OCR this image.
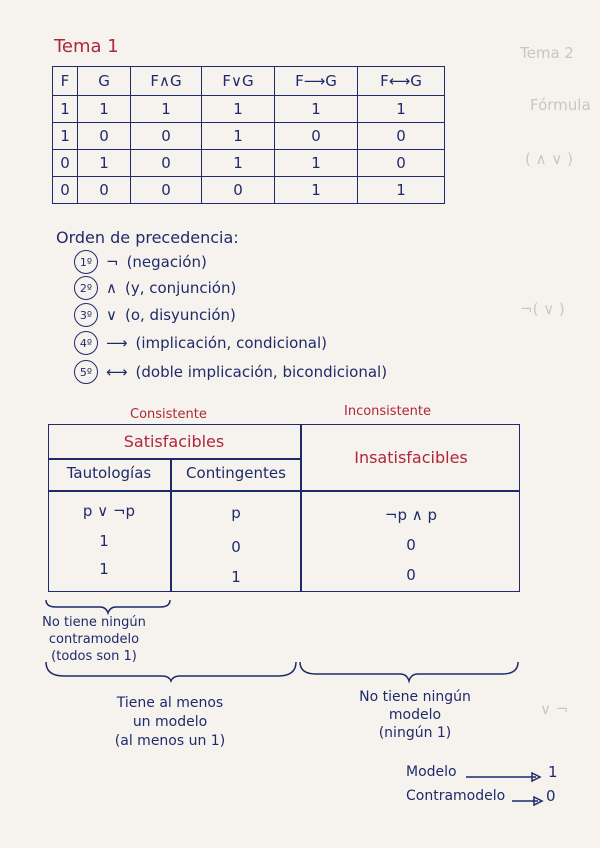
Tema 2
Fórmula
( ∧ ∨ )
¬( ∨ )
∨ ¬
Tema 1
F	G	F∧G	F∨G	F⟶G	F⟷G
1	1	1	1	1	1
1	0	0	1	0	0
0	1	0	1	1	0
0	0	0	0	1	1
Orden de precedencia:
1º ¬ (negación)
2º ∧ (y, conjunción)
3º ∨ (o, disyunción)
4º ⟶ (implicación, condicional)
5º ⟷ (doble implicación, bicondicional)
Consistente	Inconsistente
Satisfacibles
Insatisfacibles
Tautologías	Contingentes
p ∨ ¬p	p	¬p ∧ p
1	0	0
1	1	0
No tiene ningún
contramodelo
(todos son 1)
Tiene al menos
un modelo
(al menos un 1)
No tiene ningún
modelo
(ningún 1)
Modelo	1
Contramodelo	0
